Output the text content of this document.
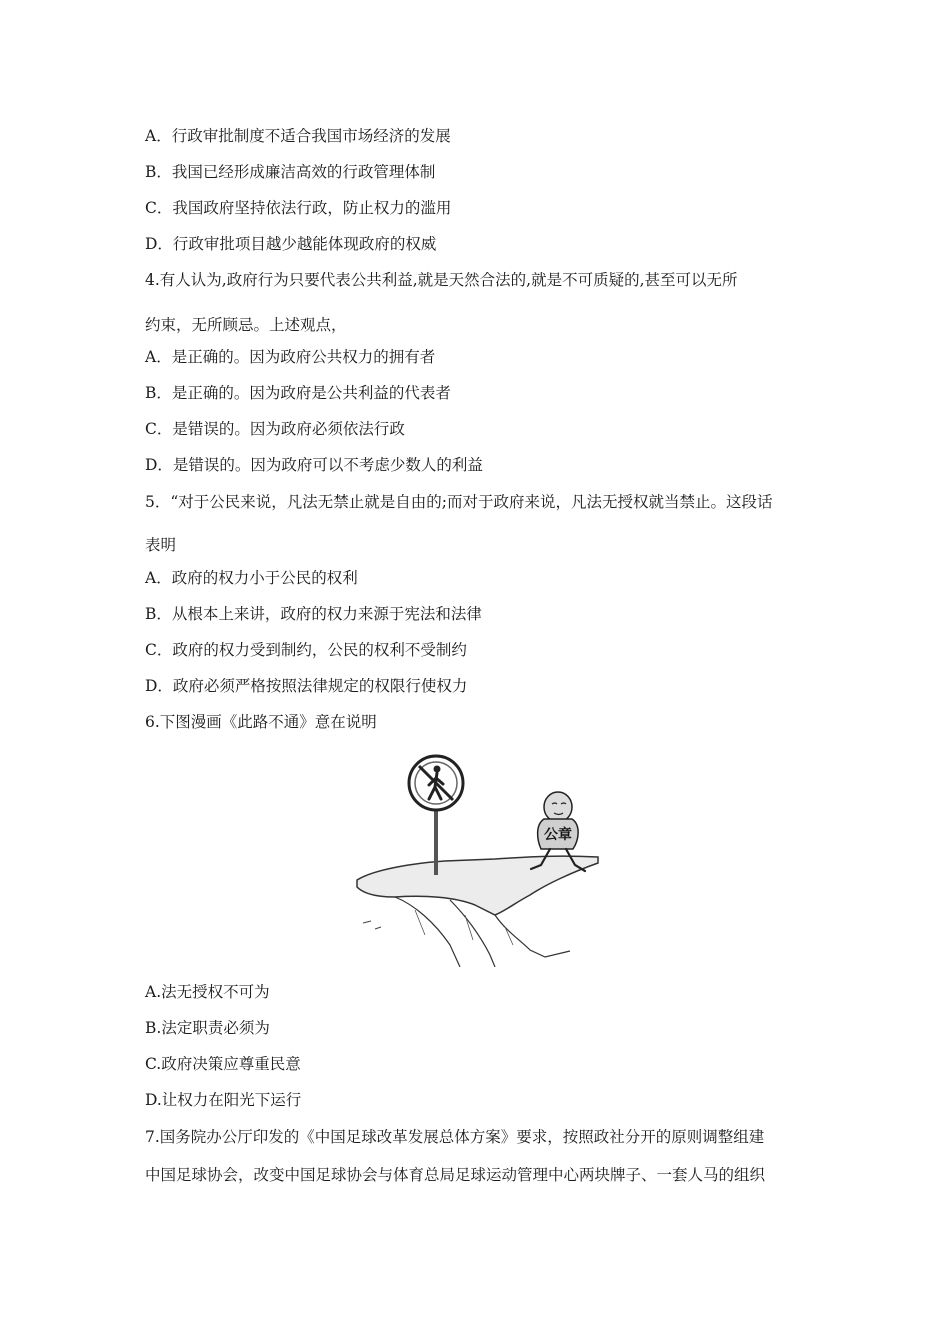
A．行政审批制度不适合我国市场经济的发展
B．我国已经形成廉洁高效的行政管理体制
C．我国政府坚持依法行政，防止权力的滥用
D．行政审批项目越少越能体现政府的权威
4.有人认为,政府行为只要代表公共利益,就是天然合法的,就是不可质疑的,甚至可以无所
约束，无所顾忌。上述观点，
A．是正确的。因为政府公共权力的拥有者
B．是正确的。因为政府是公共利益的代表者
C．是错误的。因为政府必须依法行政
D．是错误的。因为政府可以不考虑少数人的利益
5．“对于公民来说，凡法无禁止就是自由的;而对于政府来说，凡法无授权就当禁止。这段话
表明
A．政府的权力小于公民的权利
B．从根本上来讲，政府的权力来源于宪法和法律
C．政府的权力受到制约，公民的权利不受制约
D．政府必须严格按照法律规定的权限行使权力
6.下图漫画《此路不通》意在说明
公章
A.法无授权不可为
B.法定职责必须为
C.政府决策应尊重民意
D.让权力在阳光下运行
7.国务院办公厅印发的《中国足球改革发展总体方案》要求，按照政社分开的原则调整组建
中国足球协会，改变中国足球协会与体育总局足球运动管理中心两块牌子、一套人马的组织
